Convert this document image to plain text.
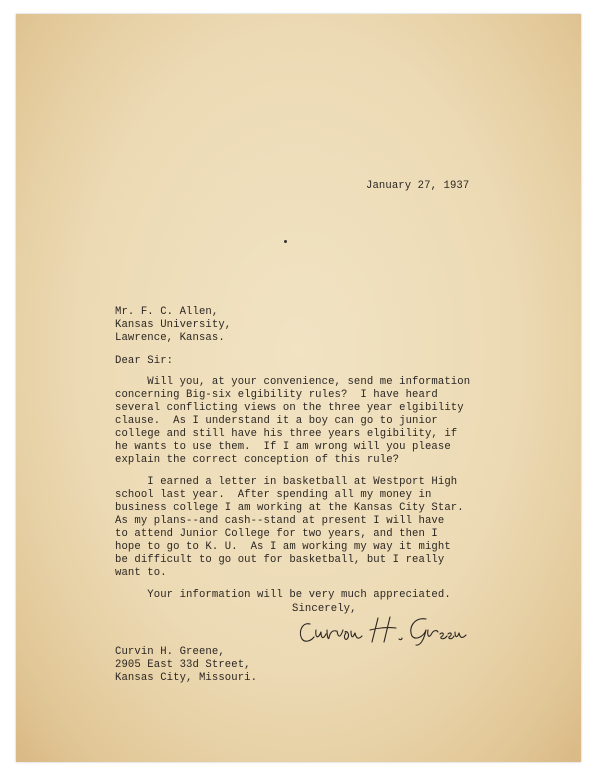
January 27, 1937
Mr. F. C. Allen,
Kansas University,
Lawrence, Kansas.
Dear Sir:
Will you, at your convenience, send me information
concerning Big-six elgibility rules?  I have heard
several conflicting views on the three year elgibility
clause.  As I understand it a boy can go to junior
college and still have his three years elgibility, if
he wants to use them.  If I am wrong will you please
explain the correct conception of this rule?
I earned a letter in basketball at Westport High
school last year.  After spending all my money in
business college I am working at the Kansas City Star.
As my plans--and cash--stand at present I will have
to attend Junior College for two years, and then I
hope to go to K. U.  As I am working my way it might
be difficult to go out for basketball, but I really
want to.
Your information will be very much appreciated.
Sincerely,
Curvin H. Greene,
2905 East 33d Street,
Kansas City, Missouri.
